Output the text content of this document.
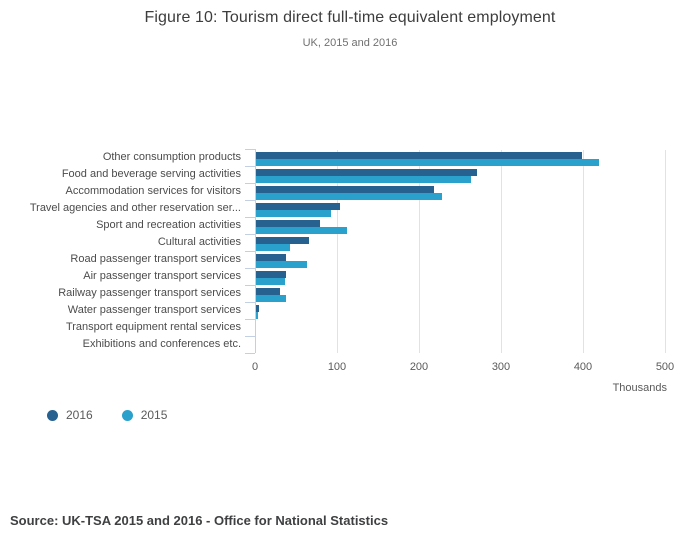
Figure 10: Tourism direct full-time equivalent employment
UK, 2015 and 2016
Thousands
0	100	200	300	400	500
Other consumption products
Food and beverage serving activities
Accommodation services for visitors
Travel agencies and other reservation ser...
Sport and recreation activities
Cultural activities
Road passenger transport services
Air passenger transport services
Railway passenger transport services
Water passenger transport services
Transport equipment rental services
Exhibitions and conferences etc.
2016	2015
Source: UK-TSA 2015 and 2016 - Office for National Statistics
